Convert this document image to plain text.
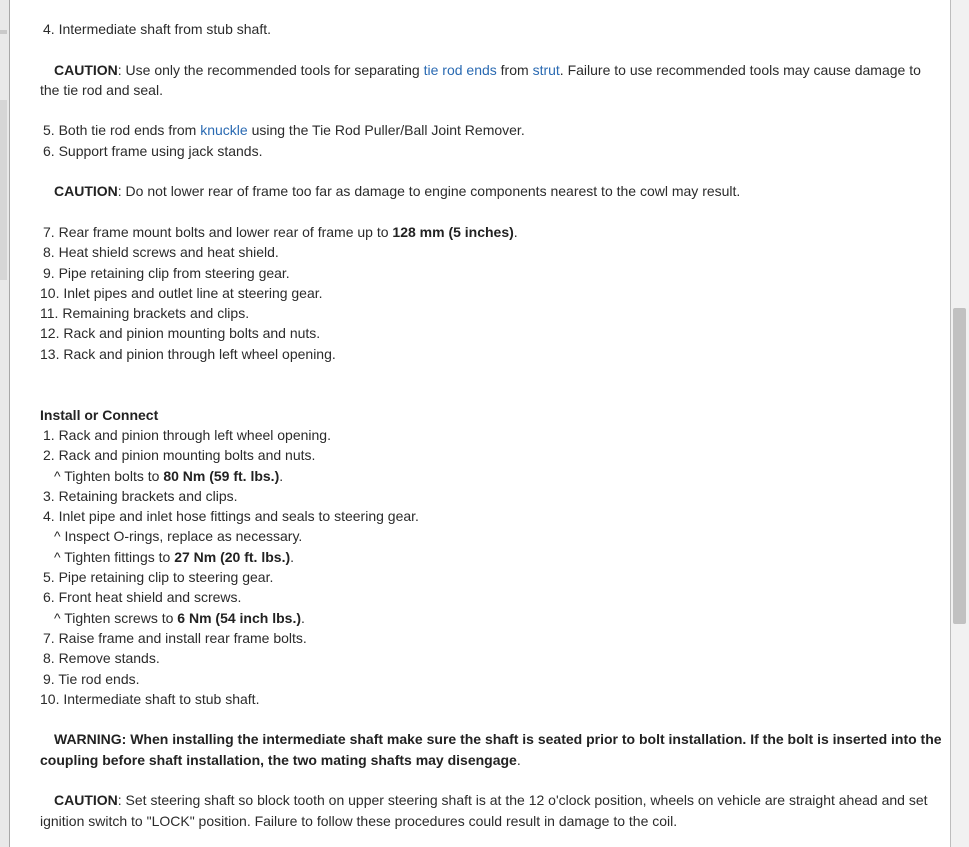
4. Intermediate shaft from stub shaft.
CAUTION: Use only the recommended tools for separating tie rod ends from strut. Failure to use recommended tools may cause damage to
the tie rod and seal.
5. Both tie rod ends from knuckle using the Tie Rod Puller/Ball Joint Remover.
6. Support frame using jack stands.
CAUTION: Do not lower rear of frame too far as damage to engine components nearest to the cowl may result.
7. Rear frame mount bolts and lower rear of frame up to 128 mm (5 inches).
8. Heat shield screws and heat shield.
9. Pipe retaining clip from steering gear.
10. Inlet pipes and outlet line at steering gear.
11. Remaining brackets and clips.
12. Rack and pinion mounting bolts and nuts.
13. Rack and pinion through left wheel opening.
Install or Connect
1. Rack and pinion through left wheel opening.
2. Rack and pinion mounting bolts and nuts.
^ Tighten bolts to 80 Nm (59 ft. lbs.).
3. Retaining brackets and clips.
4. Inlet pipe and inlet hose fittings and seals to steering gear.
^ Inspect O-rings, replace as necessary.
^ Tighten fittings to 27 Nm (20 ft. lbs.).
5. Pipe retaining clip to steering gear.
6. Front heat shield and screws.
^ Tighten screws to 6 Nm (54 inch lbs.).
7. Raise frame and install rear frame bolts.
8. Remove stands.
9. Tie rod ends.
10. Intermediate shaft to stub shaft.
WARNING: When installing the intermediate shaft make sure the shaft is seated prior to bolt installation. If the bolt is inserted into the
coupling before shaft installation, the two mating shafts may disengage.
CAUTION: Set steering shaft so block tooth on upper steering shaft is at the 12 o'clock position, wheels on vehicle are straight ahead and set
ignition switch to "LOCK" position. Failure to follow these procedures could result in damage to the coil.
